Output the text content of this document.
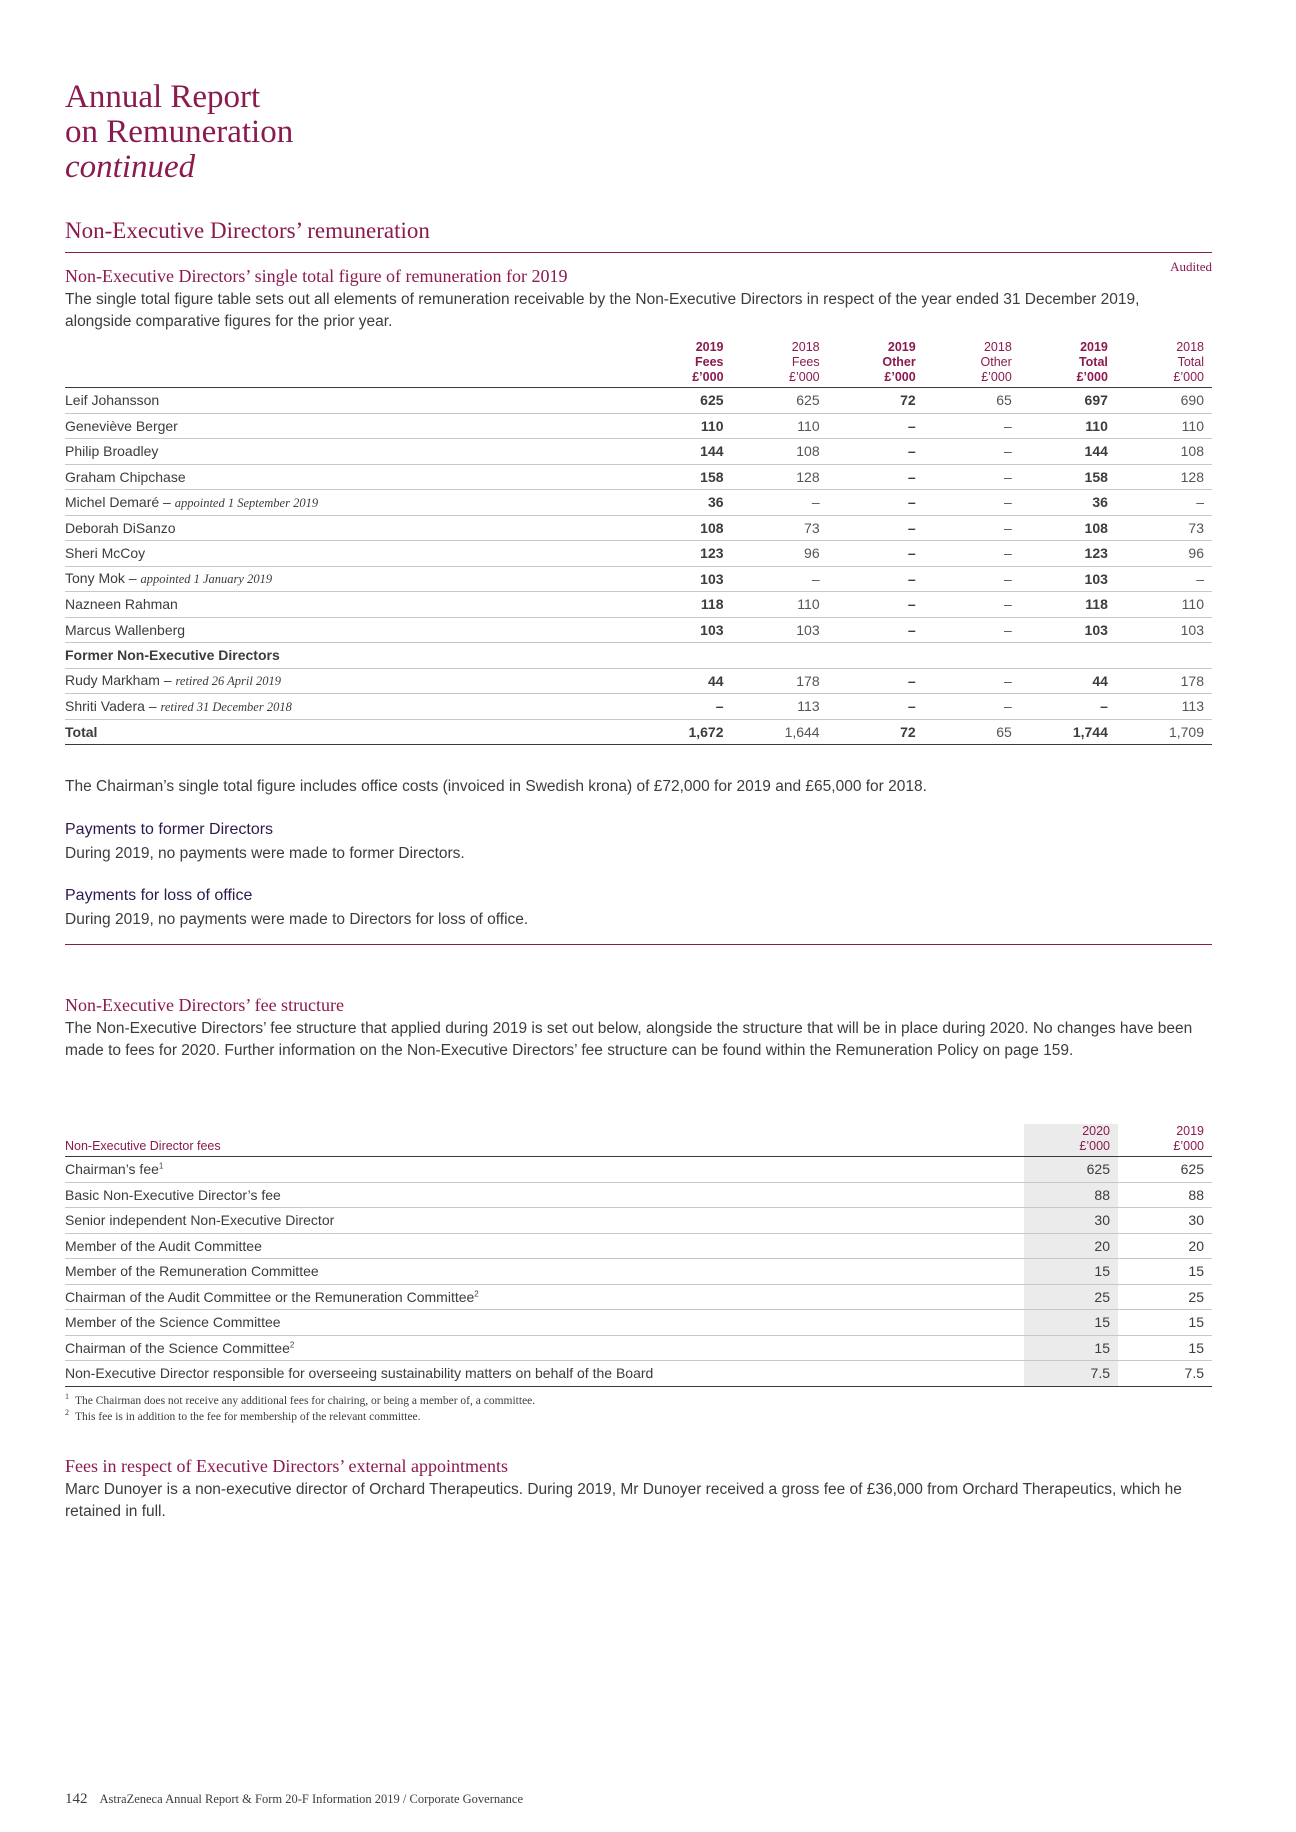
Annual Report
on Remuneration
continued
Non-Executive Directors’ remuneration
Audited
Non-Executive Directors’ single total figure of remuneration for 2019

The single total figure table sets out all elements of remuneration receivable by the Non-Executive Directors in respect of the year ended 31 December 2019, alongside comparative figures for the prior year.

	2019
Fees
£’000	2018
Fees
£’000	2019
Other
£’000	2018
Other
£’000	2019
Total
£’000	2018
Total
£’000
Leif Johansson	625	625	72	65	697	690
Geneviève Berger	110	110	–	–	110	110
Philip Broadley	144	108	–	–	144	108
Graham Chipchase	158	128	–	–	158	128
Michel Demaré – appointed 1 September 2019	36	–	–	–	36	–
Deborah DiSanzo	108	73	–	–	108	73
Sheri McCoy	123	96	–	–	123	96
Tony Mok – appointed 1 January 2019	103	–	–	–	103	–
Nazneen Rahman	118	110	–	–	118	110
Marcus Wallenberg	103	103	–	–	103	103
Former Non-Executive Directors						
Rudy Markham – retired 26 April 2019	44	178	–	–	44	178
Shriti Vadera – retired 31 December 2018	–	113	–	–	–	113
Total	1,672	1,644	72	65	1,744	1,709

The Chairman’s single total figure includes office costs (invoiced in Swedish krona) of £72,000 for 2019 and £65,000 for 2018.

Payments to former Directors

During 2019, no payments were made to former Directors.

Payments for loss of office

During 2019, no payments were made to Directors for loss of office.

Non-Executive Directors’ fee structure

The Non-Executive Directors’ fee structure that applied during 2019 is set out below, alongside the structure that will be in place during 2020. No changes have been made to fees for 2020. Further information on the Non-Executive Directors’ fee structure can be found within the Remuneration Policy on page 159.

Non-Executive Director fees	2020
£’000	2019
£’000
Chairman’s fee$^1$	625	625
Basic Non-Executive Director’s fee	88	88
Senior independent Non-Executive Director	30	30
Member of the Audit Committee	20	20
Member of the Remuneration Committee	15	15
Chairman of the Audit Committee or the Remuneration Committee$^2$	25	25
Member of the Science Committee	15	15
Chairman of the Science Committee$^2$	15	15
Non-Executive Director responsible for overseeing sustainability matters on behalf of the Board	7.5	7.5
$^1$ The Chairman does not receive any additional fees for chairing, or being a member of, a committee.
$^2$ This fee is in addition to the fee for membership of the relevant committee.
Fees in respect of Executive Directors’ external appointments

Marc Dunoyer is a non-executive director of Orchard Therapeutics. During 2019, Mr Dunoyer received a gross fee of £36,000 from Orchard Therapeutics, which he retained in full.

142 AstraZeneca Annual Report & Form 20-F Information 2019 / Corporate Governance
